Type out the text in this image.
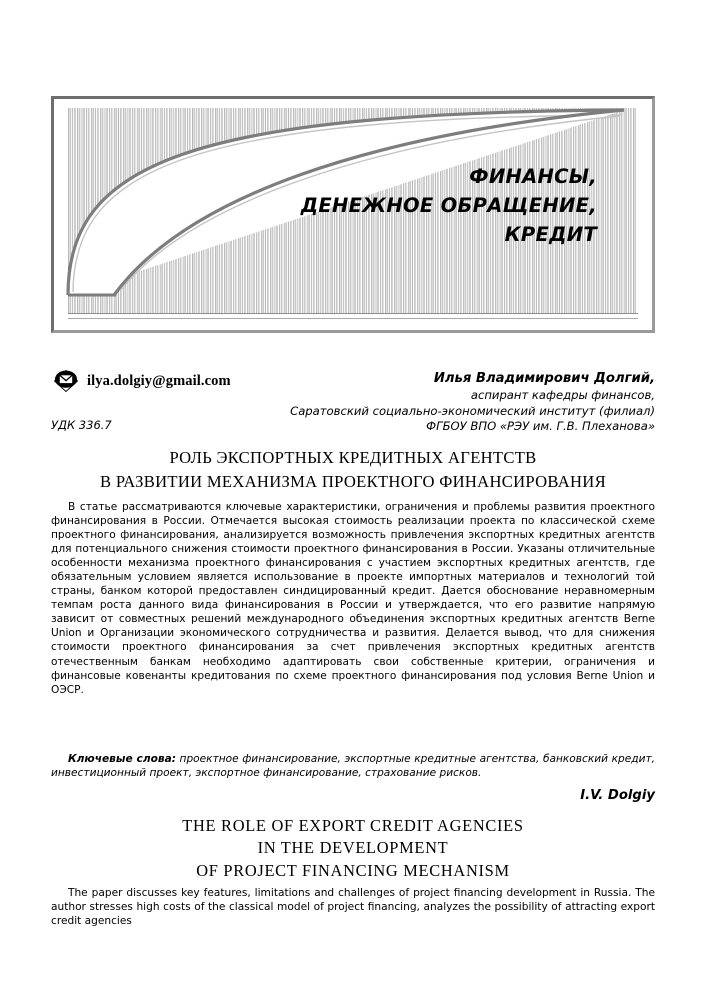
ФИНАНСЫ,
ДЕНЕЖНОЕ ОБРАЩЕНИЕ,
КРЕДИТ
ilya.dolgiy@gmail.com
УДК 336.7
Илья Владимирович Долгий,
аспирант кафедры финансов,
Саратовский социально-экономический институт (филиал)
ФГБОУ ВПО «РЭУ им. Г.В. Плеханова»
РОЛЬ ЭКСПОРТНЫХ КРЕДИТНЫХ АГЕНТСТВ
В РАЗВИТИИ МЕХАНИЗМА ПРОЕКТНОГО ФИНАНСИРОВАНИЯ

В статье рассматриваются ключевые характеристики, ограничения и проблемы развития проектного финансирования в России. Отмечается высокая стоимость реализации проекта по классической схеме проектного финансирования, анализируется возможность привлечения экспортных кредитных агентств для потенциального снижения стоимости проектного финансирования в России. Указаны отличительные особенности механизма проектного финансирования с участием экспортных кредитных агентств, где обязательным условием является использование в проекте импортных материалов и технологий той страны, банком которой предоставлен синдицированный кредит. Дается обоснование неравномерным темпам роста данного вида финансирования в России и утверждается, что его развитие напрямую зависит от совместных решений международного объединения экспортных кредитных агентств Berne Union и Организации экономического сотрудничества и развития. Делается вывод, что для снижения стоимости проектного финансирования за счет привлечения экспортных кредитных агентств отечественным банкам необходимо адаптировать свои собственные критерии, ограничения и финансовые ковенанты кредитования по схеме проектного финансирования под условия Berne Union и ОЭСР.

Ключевые слова: проектное финансирование, экспортные кредитные агентства, банковский кредит, инвестиционный проект, экспортное финансирование, страхование рисков.
I.V. Dolgiy
THE ROLE OF EXPORT CREDIT AGENCIES
IN THE DEVELOPMENT
OF PROJECT FINANCING MECHANISM

The paper discusses key features, limitations and challenges of project financing development in Russia. The author stresses high costs of the classical model of project financing, analyzes the possibility of attracting export credit agencies
